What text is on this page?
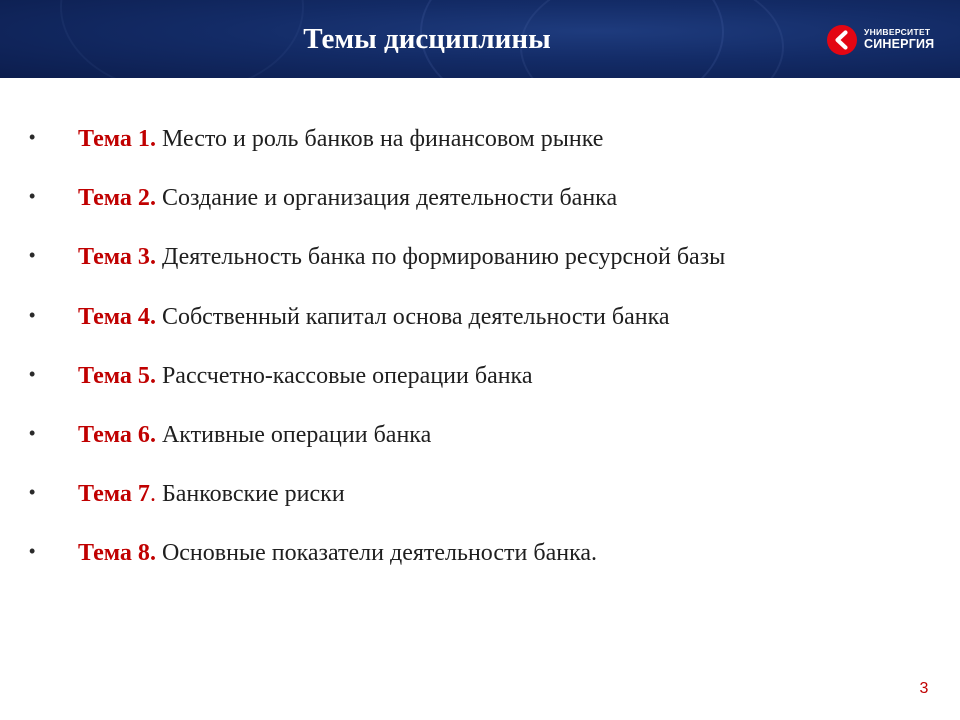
Темы дисциплины	УНИВЕРСИТЕТ
СИНЕРГИЯ
• Тема 1. Место и роль банков на финансовом рынке
• Тема 2. Создание и организация деятельности банка
• Тема 3. Деятельность банка по формированию ресурсной базы
• Тема 4. Собственный капитал основа деятельности банка
• Тема 5. Рассчетно-кассовые операции банка
• Тема 6. Активные операции банка
• Тема 7. Банковские риски
• Тема 8. Основные показатели деятельности банка.
3
